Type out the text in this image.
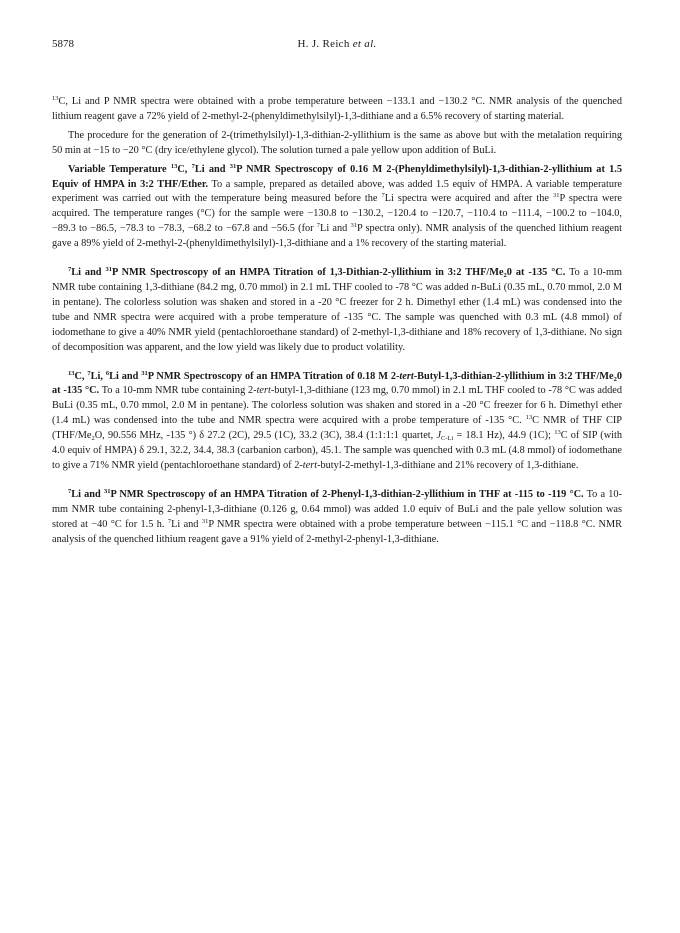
5878	H. J. Reich et al.

$^{13}$C, Li and P NMR spectra were obtained with a probe temperature between −133.1 and −130.2 °C. NMR analysis of the quenched lithium reagent gave a 72% yield of 2-methyl-2-(phenyldimethylsilyl)-1,3-dithiane and a 6.5% recovery of starting material.

The procedure for the generation of 2-(trimethylsilyl)-1,3-dithian-2-yllithium is the same as above but with the metalation requiring 50 min at −15 to −20 °C (dry ice/ethylene glycol). The solution turned a pale yellow upon addition of BuLi.

Variable Temperature $^{13}$C, $^7$Li and $^{31}$P NMR Spectroscopy of 0.16 M 2-(Phenyldimethylsilyl)-1,3-dithian-2-yllithium at 1.5 Equiv of HMPA in 3:2 THF/Ether. To a sample, prepared as detailed above, was added 1.5 equiv of HMPA. A variable temperature experiment was carried out with the temperature being measured before the $^7$Li spectra were acquired and after the $^{31}$P spectra were acquired. The temperature ranges (°C) for the sample were −130.8 to −130.2, −120.4 to −120.7, −110.4 to −111.4, −100.2 to −104.0, −89.3 to −86.5, −78.3 to −78.3, −68.2 to −67.8 and −56.5 (for $^7$Li and $^{31}$P spectra only). NMR analysis of the quenched lithium reagent gave a 89% yield of 2-methyl-2-(phenyldimethylsilyl)-1,3-dithiane and a 1% recovery of the starting material.

$^7$Li and $^{31}$P NMR Spectroscopy of an HMPA Titration of 1,3-Dithian-2-yllithium in 3:2 THF/$Me_20$ at -135 °C. To a 10-mm NMR tube containing 1,3-dithiane (84.2 mg, 0.70 mmol) in 2.1 mL THF cooled to -78 °C was added n-BuLi (0.35 mL, 0.70 mmol, 2.0 M in pentane). The colorless solution was shaken and stored in a -20 °C freezer for 2 h. Dimethyl ether (1.4 mL) was condensed into the tube and NMR spectra were acquired with a probe temperature of -135 °C. The sample was quenched with 0.3 mL (4.8 mmol) of iodomethane to give a 40% NMR yield (pentachloroethane standard) of 2-methyl-1,3-dithiane and 18% recovery of 1,3-dithiane. No sign of decomposition was apparent, and the low yield was likely due to product volatility.

$^{13}$C, $^7$Li, $^6$Li and $^{31}$P NMR Spectroscopy of an HMPA Titration of 0.18 M 2-tert-Butyl-1,3-dithian-2-yllithium in 3:2 THF/$Me_20$ at -135 °C. To a 10-mm NMR tube containing 2-tert-butyl-1,3-dithiane (123 mg, 0.70 mmol) in 2.1 mL THF cooled to -78 °C was added BuLi (0.35 mL, 0.70 mmol, 2.0 M in pentane). The colorless solution was shaken and stored in a -20 °C freezer for 6 h. Dimethyl ether (1.4 mL) was condensed into the tube and NMR spectra were acquired with a probe temperature of -135 °C. $^{13}$C NMR of THF CIP ($THF/Me_2O$, 90.556 MHz, -135 °) δ 27.2 (2C), 29.5 (1C), 33.2 (3C), 38.4 (1:1:1:1 quartet, $J_{C-Li} = 18.1$ Hz), 44.9 (1C); $^{13}$C of SIP (with 4.0 equiv of HMPA) δ 29.1, 32.2, 34.4, 38.3 (carbanion carbon), 45.1. The sample was quenched with 0.3 mL (4.8 mmol) of iodomethane to give a 71% NMR yield (pentachloroethane standard) of 2-tert-butyl-2-methyl-1,3-dithiane and 21% recovery of 1,3-dithiane.

$^7$Li and $^{31}$P NMR Spectroscopy of an HMPA Titration of 2-Phenyl-1,3-dithian-2-yllithium in THF at -115 to -119 °C. To a 10-mm NMR tube containing 2-phenyl-1,3-dithiane (0.126 g, 0.64 mmol) was added 1.0 equiv of BuLi and the pale yellow solution was stored at −40 °C for 1.5 h. $^7$Li and $^{31}$P NMR spectra were obtained with a probe temperature between −115.1 °C and −118.8 °C. NMR analysis of the quenched lithium reagent gave a 91% yield of 2-methyl-2-phenyl-1,3-dithiane.
